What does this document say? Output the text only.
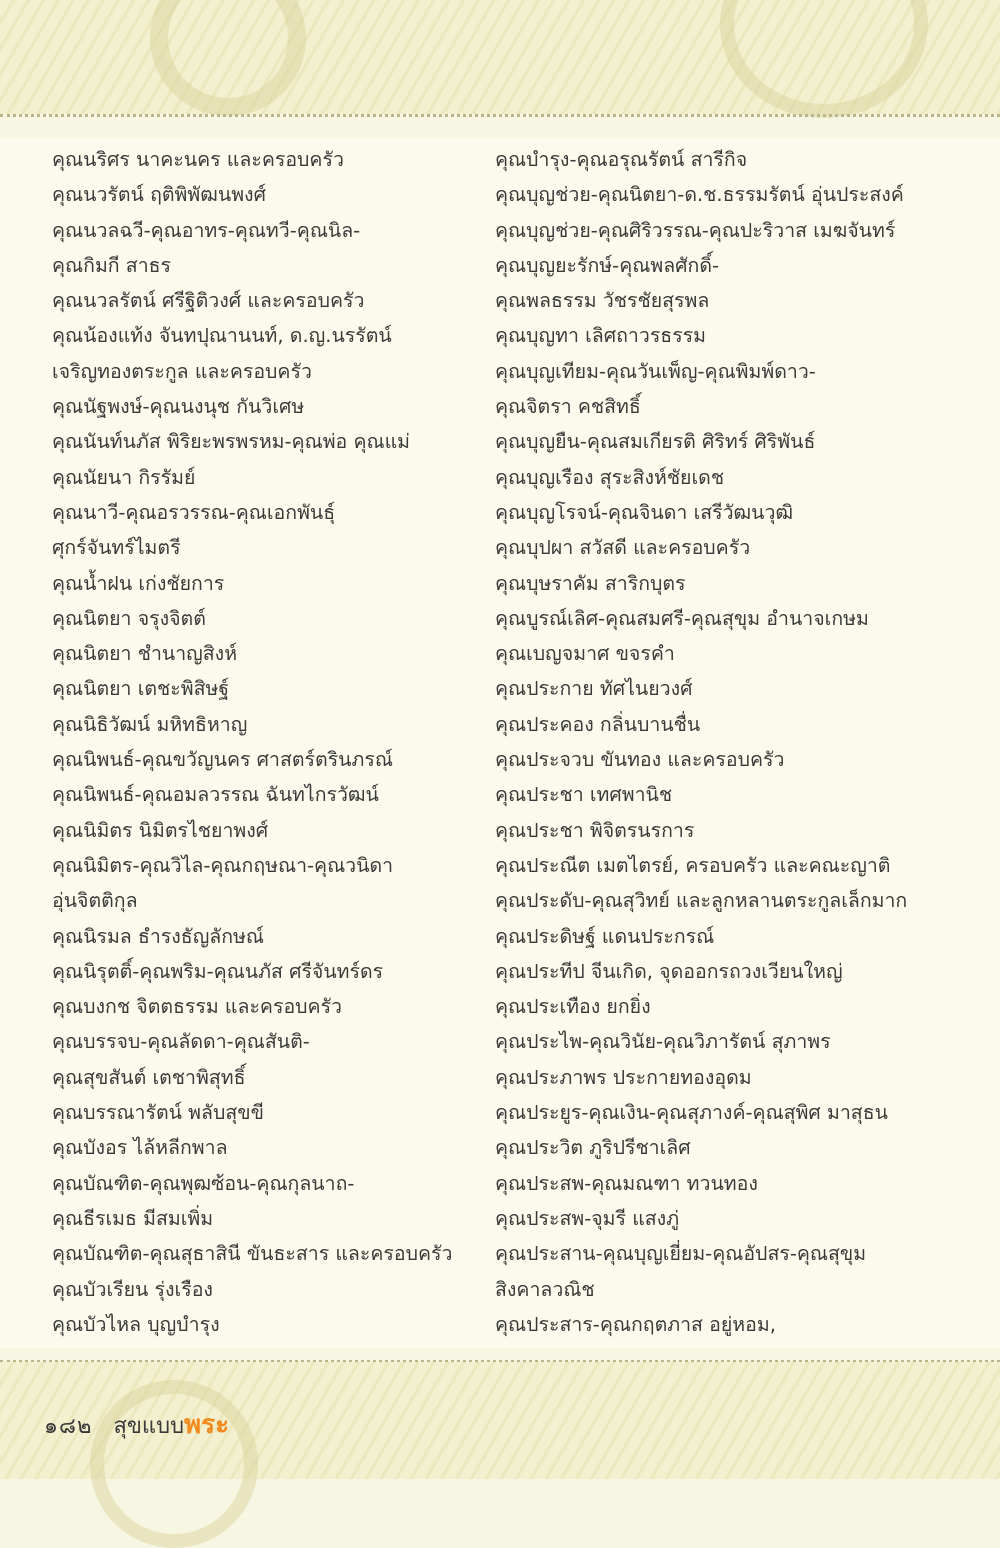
คุณนริศร นาคะนคร และครอบครัว
คุณนวรัตน์ ฤติพิพัฒนพงศ์
คุณนวลฉวี-คุณอาทร-คุณทวี-คุณนิล-
คุณกิมกี สาธร
คุณนวลรัตน์ ศรีฐิติวงศ์ และครอบครัว
คุณน้องแท้ง จันทปุณานนท์, ด.ญ.นรรัตน์
เจริญทองตระกูล และครอบครัว
คุณนัฐพงษ์-คุณนงนุช กันวิเศษ
คุณนันท์นภัส พิริยะพรพรหม-คุณพ่อ คุณแม่
คุณนัยนา กิรรัมย์
คุณนาวี-คุณอรวรรณ-คุณเอกพันธุ์
ศุกร์จันทร์ไมตรี
คุณน้ำฝน เก่งชัยการ
คุณนิตยา จรุงจิตต์
คุณนิตยา ชำนาญสิงห์
คุณนิตยา เตชะพิสิษฐ์
คุณนิธิวัฒน์ มหิทธิหาญ
คุณนิพนธ์-คุณขวัญนคร ศาสตร์ตรินภรณ์
คุณนิพนธ์-คุณอมลวรรณ ฉันทไกรวัฒน์
คุณนิมิตร นิมิตรไชยาพงศ์
คุณนิมิตร-คุณวิไล-คุณกฤษณา-คุณวนิดา
อุ่นจิตติกุล
คุณนิรมล ธำรงธัญลักษณ์
คุณนิรุตติ์-คุณพริม-คุณนภัส ศรีจันทร์ดร
คุณบงกช จิตตธรรม และครอบครัว
คุณบรรจบ-คุณลัดดา-คุณสันติ-
คุณสุขสันต์ เตชาพิสุทธิ์
คุณบรรณารัตน์ พลับสุขขี
คุณบังอร ไล้หลีกพาล
คุณบัณฑิต-คุณพุฒซ้อน-คุณกุลนาถ-
คุณธีรเมธ มีสมเพิ่ม
คุณบัณฑิต-คุณสุธาสินี ขันธะสาร และครอบครัว
คุณบัวเรียน รุ่งเรือง
คุณบัวไหล บุญบำรุง
คุณบำรุง-คุณอรุณรัตน์ สารีกิจ
คุณบุญช่วย-คุณนิตยา-ด.ช.ธรรมรัตน์ อุ่นประสงค์
คุณบุญช่วย-คุณศิริวรรณ-คุณปะริวาส เมฆจันทร์
คุณบุญยะรักษ์-คุณพลศักดิ์-
คุณพลธรรม วัชรชัยสุรพล
คุณบุญทา เลิศถาวรธรรม
คุณบุญเทียม-คุณวันเพ็ญ-คุณพิมพ์ดาว-
คุณจิตรา คชสิทธิ์
คุณบุญยืน-คุณสมเกียรติ ศิริทร์ ศิริพันธ์
คุณบุญเรือง สุระสิงห์ชัยเดช
คุณบุญโรจน์-คุณจินดา เสรีวัฒนวุฒิ
คุณบุปผา สวัสดี และครอบครัว
คุณบุษราคัม สาริกบุตร
คุณบูรณ์เลิศ-คุณสมศรี-คุณสุขุม อำนาจเกษม
คุณเบญจมาศ ขจรคำ
คุณประกาย ทัศไนยวงศ์
คุณประคอง กลิ่นบานชื่น
คุณประจวบ ขันทอง และครอบครัว
คุณประชา เทศพานิช
คุณประชา พิจิตรนรการ
คุณประณีต เมตไตรย์, ครอบครัว และคณะญาติ
คุณประดับ-คุณสุวิทย์ และลูกหลานตระกูลเล็กมาก
คุณประดิษฐ์ แดนประกรณ์
คุณประทีป จีนเกิด, จุดออกรถวงเวียนใหญ่
คุณประเทือง ยกยิ่ง
คุณประไพ-คุณวินัย-คุณวิภารัตน์ สุภาพร
คุณประภาพร ประกายทองอุดม
คุณประยูร-คุณเงิน-คุณสุภางค์-คุณสุพิศ มาสุธน
คุณประวิต ภูริปรีชาเลิศ
คุณประสพ-คุณมณฑา ทวนทอง
คุณประสพ-จุมรี แสงภู่
คุณประสาน-คุณบุญเยี่ยม-คุณอัปสร-คุณสุขุม
สิงคาลวณิช
คุณประสาร-คุณกฤตภาส อยู่หอม,
๑๘๒ สุขแบบพระ
